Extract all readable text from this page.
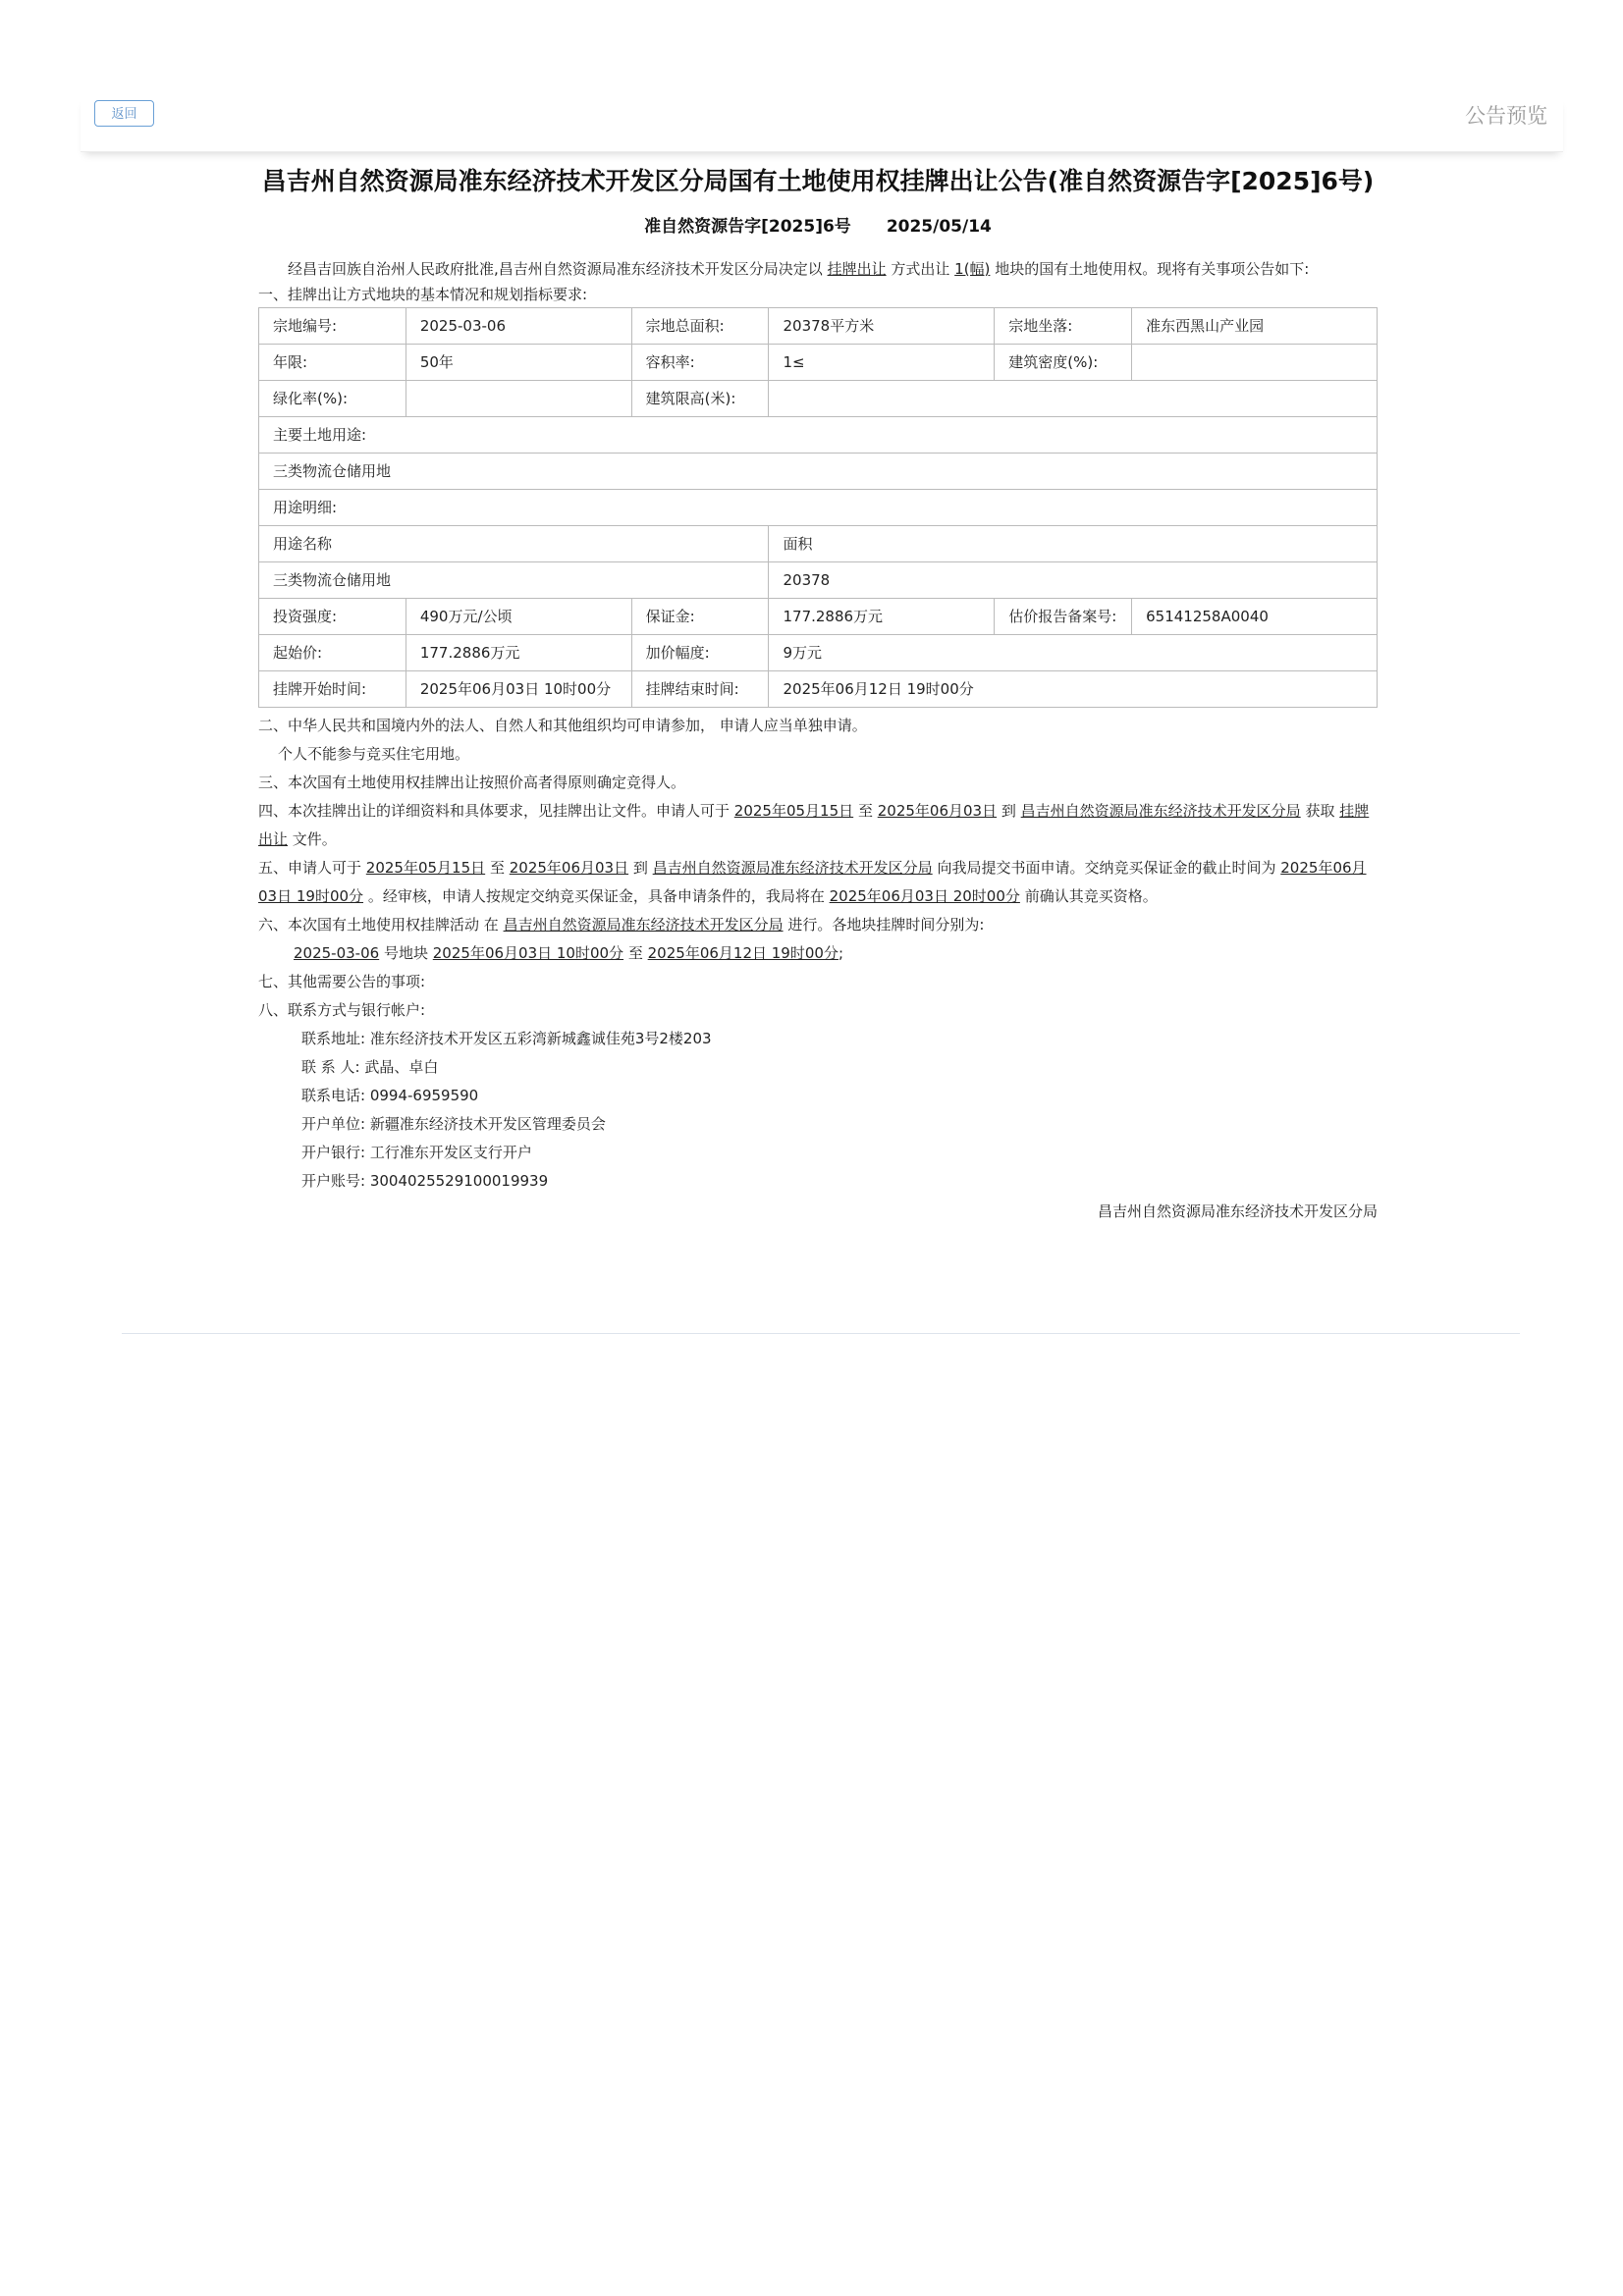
返回	公告预览
昌吉州自然资源局准东经济技术开发区分局国有土地使用权挂牌出让公告(准自然资源告字[2025]6号)
准自然资源告字[2025]6号 2025/05/14
经昌吉回族自治州人民政府批准,昌吉州自然资源局准东经济技术开发区分局决定以 挂牌出让 方式出让 1(幅) 地块的国有土地使用权。现将有关事项公告如下:
一、挂牌出让方式地块的基本情况和规划指标要求:
宗地编号:	2025-03-06	宗地总面积:	20378平方米	宗地坐落:	准东西黑山产业园
年限:	50年	容积率:	1≤	建筑密度(%):	
绿化率(%):		建筑限高(米):			
主要土地用途:					
三类物流仓储用地					
用途明细:					
用途名称			面积		
三类物流仓储用地			20378		
投资强度:	490万元/公顷	保证金:	177.2886万元	估价报告备案号:	65141258A0040
起始价:	177.2886万元	加价幅度:	9万元		
挂牌开始时间:	2025年06月03日 10时00分	挂牌结束时间:	2025年06月12日 19时00分		
二、中华人民共和国境内外的法人、自然人和其他组织均可申请参加， 申请人应当单独申请。
个人不能参与竞买住宅用地。
三、本次国有土地使用权挂牌出让按照价高者得原则确定竞得人。
四、本次挂牌出让的详细资料和具体要求，见挂牌出让文件。申请人可于 2025年05月15日 至 2025年06月03日 到 昌吉州自然资源局准东经济技术开发区分局 获取 挂牌出让 文件。
五、申请人可于 2025年05月15日 至 2025年06月03日 到 昌吉州自然资源局准东经济技术开发区分局 向我局提交书面申请。交纳竞买保证金的截止时间为 2025年06月03日 19时00分 。经审核，申请人按规定交纳竞买保证金，具备申请条件的，我局将在 2025年06月03日 20时00分 前确认其竞买资格。
六、本次国有土地使用权挂牌活动 在 昌吉州自然资源局准东经济技术开发区分局 进行。各地块挂牌时间分别为:
2025-03-06 号地块 2025年06月03日 10时00分 至 2025年06月12日 19时00分;
七、其他需要公告的事项:
八、联系方式与银行帐户:
联系地址: 准东经济技术开发区五彩湾新城鑫诚佳苑3号2楼203
联 系 人: 武晶、卓白
联系电话: 0994-6959590
开户单位: 新疆准东经济技术开发区管理委员会
开户银行: 工行准东开发区支行开户
开户账号: 3004025529100019939
昌吉州自然资源局准东经济技术开发区分局
